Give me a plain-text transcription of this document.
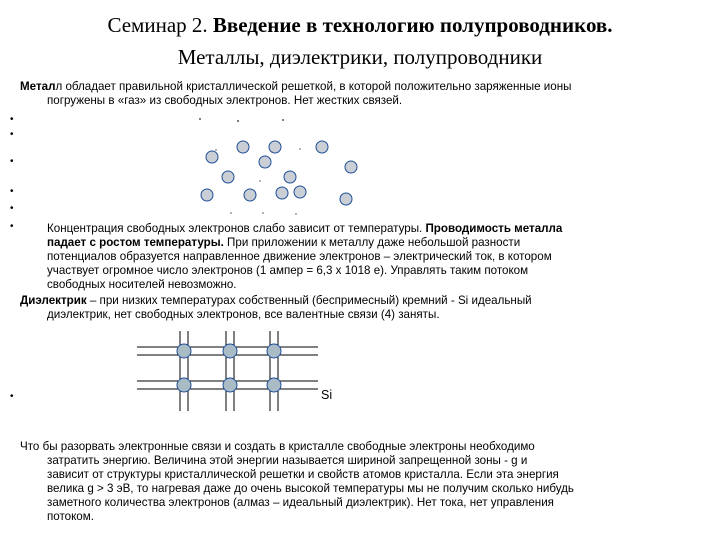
Семинар 2. Введение в технологию полупроводников.
Металлы, диэлектрики, полупроводники
Металл обладает правильной кристаллической решеткой, в которой положительно заряженные ионы
погружены в «газ» из свободных электронов. Нет жестких связей.
•
•
•
•
•
•
•
Концентрация свободных электронов слабо зависит от температуры. Проводимость металла
падает с ростом температуры. При приложении к металлу даже небольшой разности
потенциалов образуется направленное движение электронов – электрический ток, в котором
участвует огромное число электронов (1 ампер = 6,3 x 1018 e). Управлять таким потоком
свободных носителей невозможно.
Диэлектрик – при низких температурах собственный (беспримесный) кремний - Si идеальный
диэлектрик, нет свободных электронов, все валентные связи (4) заняты.
Si
Что бы разорвать электронные связи и создать в кристалле свободные электроны необходимо
затратить энергию. Величина этой энергии называется шириной запрещенной зоны - g и
зависит от структуры кристаллической решетки и свойств атомов кристалла. Если эта энергия
велика g > 3 эВ, то нагревая даже до очень высокой температуры мы не получим сколько нибудь
заметного количества электронов (алмаз – идеальный диэлектрик). Нет тока, нет управления
потоком.
